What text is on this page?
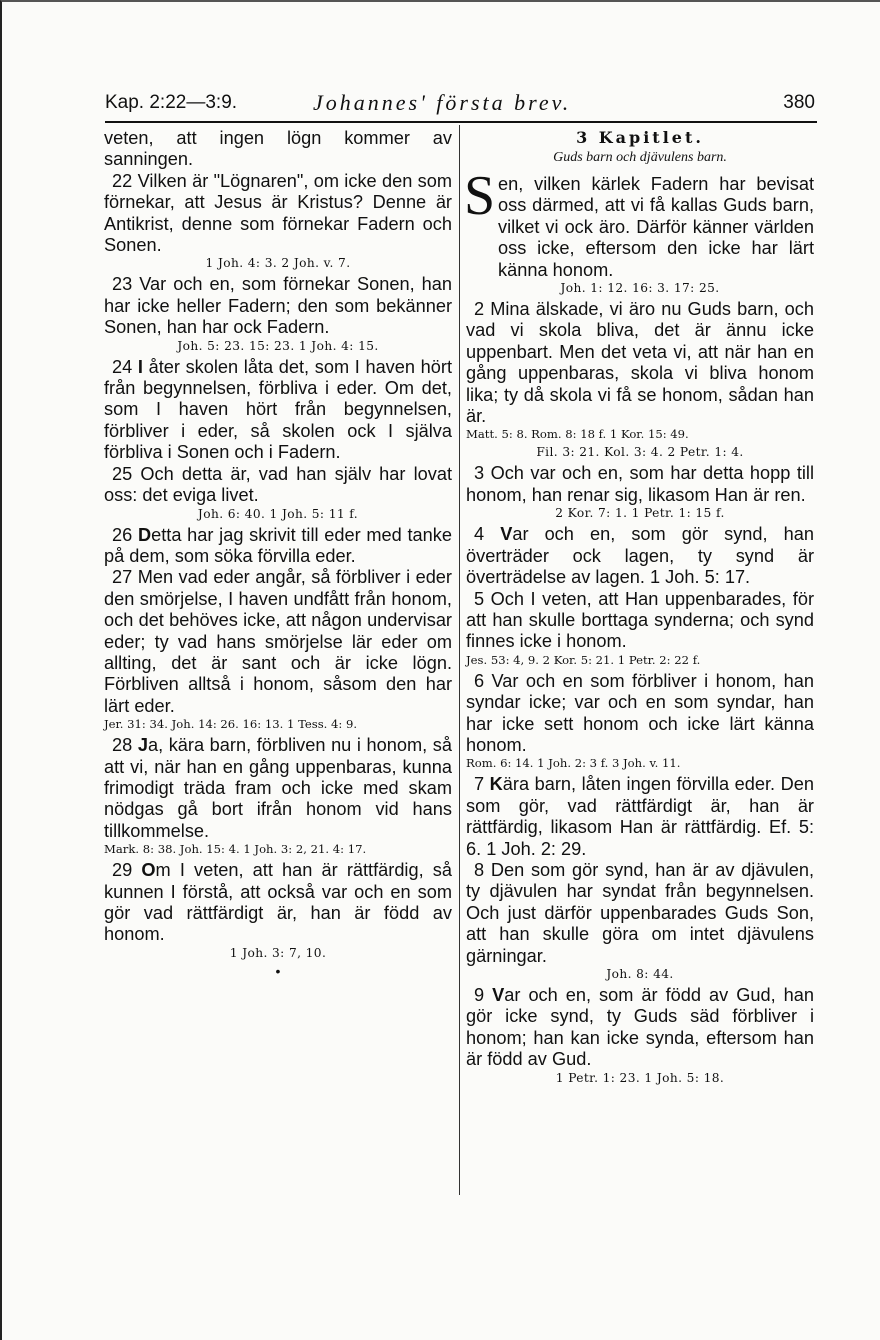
Kap. 2:22—3:9.	Johannes' första brev.	380

veten, att ingen lögn kommer av sanningen.

22 Vilken är "Lögnaren", om icke den som förnekar, att Jesus är Kristus? Denne är Antikrist, denne som förnekar Fadern och Sonen.

1 Joh. 4: 3. 2 Joh. v. 7.

23 Var och en, som förnekar Sonen, han har icke heller Fadern; den som bekänner Sonen, han har ock Fadern.

Joh. 5: 23. 15: 23. 1 Joh. 4: 15.

24 I åter skolen låta det, som I haven hört från begynnelsen, förbliva i eder. Om det, som I haven hört från begynnelsen, förbliver i eder, så skolen ock I själva förbliva i Sonen och i Fadern.

25 Och detta är, vad han själv har lovat oss: det eviga livet.

Joh. 6: 40. 1 Joh. 5: 11 f.

26 Detta har jag skrivit till eder med tanke på dem, som söka förvilla eder.

27 Men vad eder angår, så förbliver i eder den smörjelse, I haven undfått från honom, och det behöves icke, att någon undervisar eder; ty vad hans smörjelse lär eder om allting, det är sant och är icke lögn. Förbliven alltså i honom, såsom den har lärt eder.

Jer. 31: 34. Joh. 14: 26. 16: 13. 1 Tess. 4: 9.

28 Ja, kära barn, förbliven nu i honom, så att vi, när han en gång uppenbaras, kunna frimodigt träda fram och icke med skam nödgas gå bort ifrån honom vid hans tillkommelse.

Mark. 8: 38. Joh. 15: 4. 1 Joh. 3: 2, 21. 4: 17.

29 Om I veten, att han är rättfärdig, så kunnen I förstå, att också var och en som gör vad rättfärdigt är, han är född av honom.

1 Joh. 3: 7, 10.

•

3 Kapitlet.
Guds barn och djävulens barn.
S en, vilken kärlek Fadern har bevisat oss därmed, att vi få kallas Guds barn, vilket vi ock äro. Därför känner världen oss icke, eftersom den icke har lärt känna honom.

Joh. 1: 12. 16: 3. 17: 25.

2 Mina älskade, vi äro nu Guds barn, och vad vi skola bliva, det är ännu icke uppenbart. Men det veta vi, att när han en gång uppenbaras, skola vi bliva honom lika; ty då skola vi få se honom, sådan han är.

Matt. 5: 8. Rom. 8: 18 f. 1 Kor. 15: 49.

Fil. 3: 21. Kol. 3: 4. 2 Petr. 1: 4.

3 Och var och en, som har detta hopp till honom, han renar sig, likasom Han är ren.

2 Kor. 7: 1. 1 Petr. 1: 15 f.

4 Var och en, som gör synd, han överträder ock lagen, ty synd är överträdelse av lagen. 1 Joh. 5: 17.

5 Och I veten, att Han uppenbarades, för att han skulle borttaga synderna; och synd finnes icke i honom.

Jes. 53: 4, 9. 2 Kor. 5: 21. 1 Petr. 2: 22 f.

6 Var och en som förbliver i honom, han syndar icke; var och en som syndar, han har icke sett honom och icke lärt känna honom.

Rom. 6: 14. 1 Joh. 2: 3 f. 3 Joh. v. 11.

7 Kära barn, låten ingen förvilla eder. Den som gör, vad rättfärdigt är, han är rättfärdig, likasom Han är rättfärdig. Ef. 5: 6. 1 Joh. 2: 29.

8 Den som gör synd, han är av djävulen, ty djävulen har syndat från begynnelsen. Och just därför uppenbarades Guds Son, att han skulle göra om intet djävulens gärningar.

Joh. 8: 44.

9 Var och en, som är född av Gud, han gör icke synd, ty Guds säd förbliver i honom; han kan icke synda, eftersom han är född av Gud.

1 Petr. 1: 23. 1 Joh. 5: 18.
